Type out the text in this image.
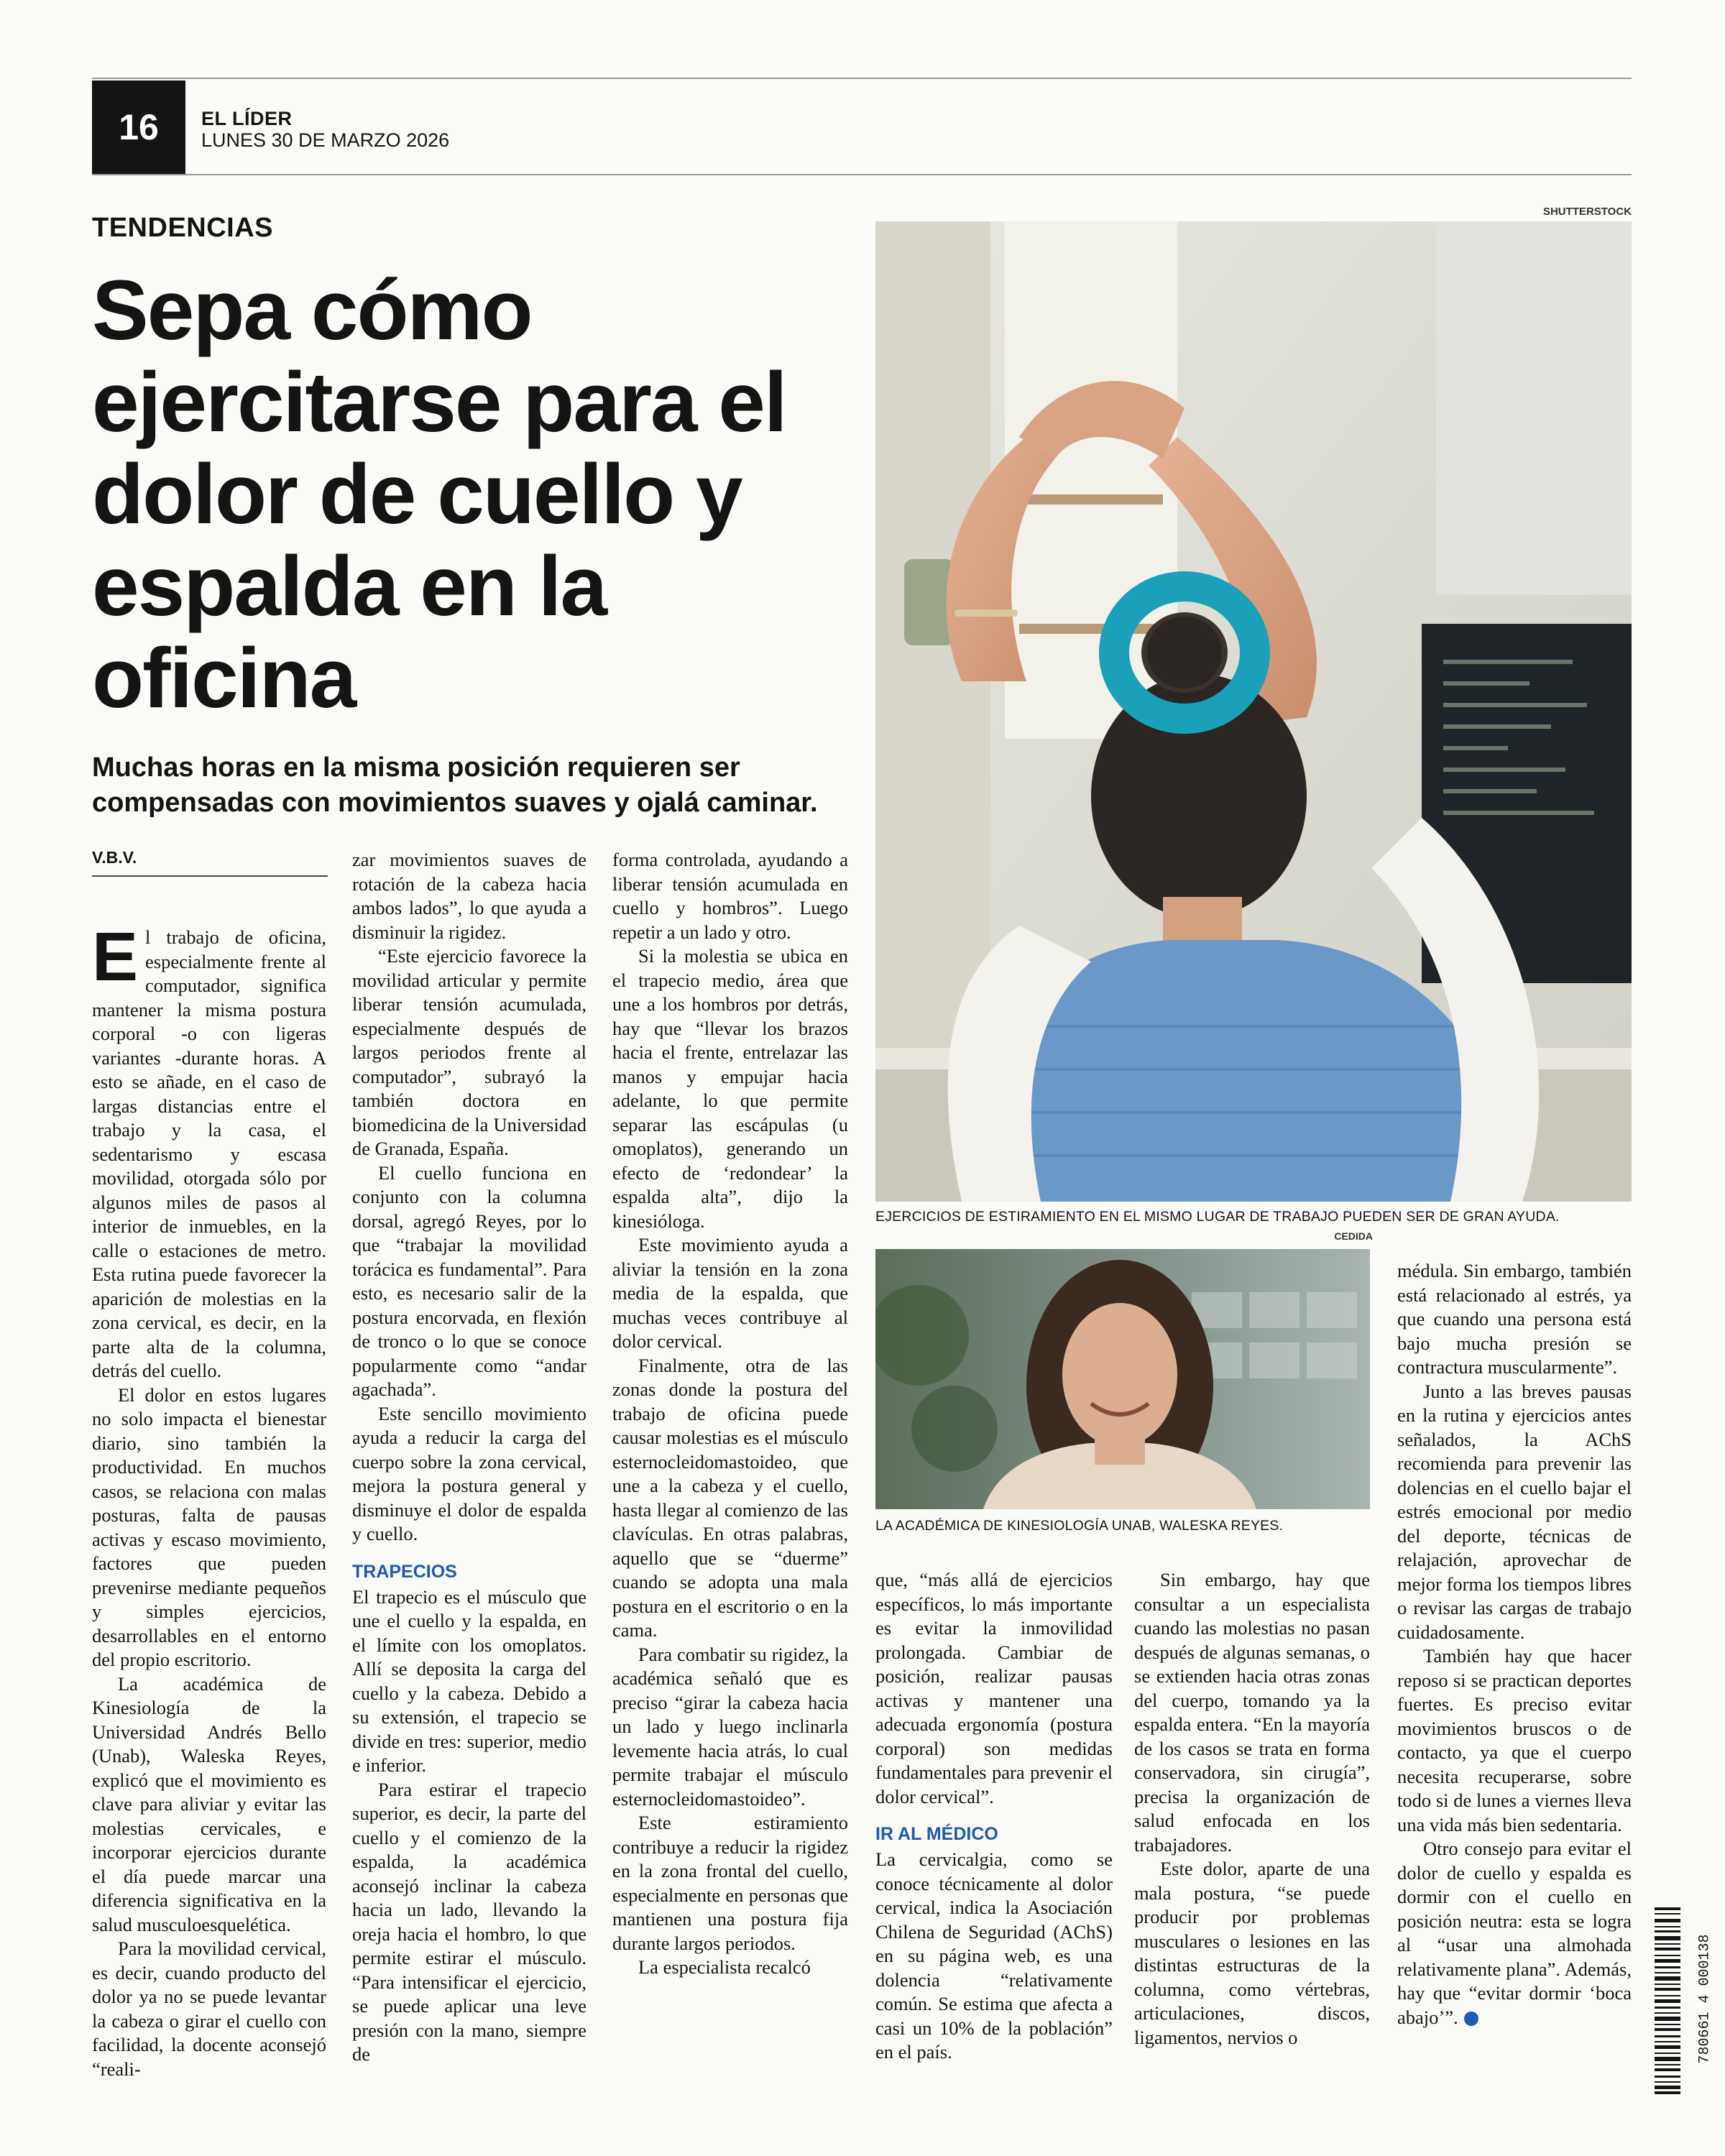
16	EL LÍDER
LUNES 30 DE MARZO 2026
TENDENCIAS
Sepa cómo ejercitarse para el dolor de cuello y espalda en la oficina
Muchas horas en la misma posición requieren ser compensadas con movimientos suaves y ojalá caminar.
V.B.V.
SHUTTERSTOCK
EJERCICIOS DE ESTIRAMIENTO EN EL MISMO LUGAR DE TRABAJO PUEDEN SER DE GRAN AYUDA.
CEDIDA
LA ACADÉMICA DE KINESIOLOGÍA UNAB, WALESKA REYES.

El trabajo de oficina, especialmente frente al computador, significa mantener la misma postura corporal -o con ligeras variantes -durante horas. A esto se añade, en el caso de largas distancias entre el trabajo y la casa, el sedentarismo y escasa movilidad, otorgada sólo por algunos miles de pasos al interior de inmuebles, en la calle o estaciones de metro. Esta rutina puede favorecer la aparición de molestias en la zona cervical, es decir, en la parte alta de la columna, detrás del cuello.

El dolor en estos lugares no solo impacta el bienestar diario, sino también la productividad. En muchos casos, se relaciona con malas posturas, falta de pausas activas y escaso movimiento, factores que pueden prevenirse mediante pequeños y simples ejercicios, desarrollables en el entorno del propio escritorio.

La académica de Kinesiología de la Universidad Andrés Bello (Unab), Waleska Reyes, explicó que el movimiento es clave para aliviar y evitar las molestias cervicales, e incorporar ejercicios durante el día puede marcar una diferencia significativa en la salud musculoesquelética.

Para la movilidad cervical, es decir, cuando producto del dolor ya no se puede levantar la cabeza o girar el cuello con facilidad, la docente aconsejó “reali-

zar movimientos suaves de rotación de la cabeza hacia ambos lados”, lo que ayuda a disminuir la rigidez.

“Este ejercicio favorece la movilidad articular y permite liberar tensión acumulada, especialmente después de largos periodos frente al computador”, subrayó la también doctora en biomedicina de la Universidad de Granada, España.

El cuello funciona en conjunto con la columna dorsal, agregó Reyes, por lo que “trabajar la movilidad torácica es fundamental”. Para esto, es necesario salir de la postura encorvada, en flexión de tronco o lo que se conoce popularmente como “andar agachada”.

Este sencillo movimiento ayuda a reducir la carga del cuerpo sobre la zona cervical, mejora la postura general y disminuye el dolor de espalda y cuello.

TRAPECIOS

El trapecio es el músculo que une el cuello y la espalda, en el límite con los omoplatos. Allí se deposita la carga del cuello y la cabeza. Debido a su extensión, el trapecio se divide en tres: superior, medio e inferior.

Para estirar el trapecio superior, es decir, la parte del cuello y el comienzo de la espalda, la académica aconsejó inclinar la cabeza hacia un lado, llevando la oreja hacia el hombro, lo que permite estirar el músculo. “Para intensificar el ejercicio, se puede aplicar una leve presión con la mano, siempre de

forma controlada, ayudando a liberar tensión acumulada en cuello y hombros”. Luego repetir a un lado y otro.

Si la molestia se ubica en el trapecio medio, área que une a los hombros por detrás, hay que “llevar los brazos hacia el frente, entrelazar las manos y empujar hacia adelante, lo que permite separar las escápulas (u omoplatos), generando un efecto de ‘redondear’ la espalda alta”, dijo la kinesióloga.

Este movimiento ayuda a aliviar la tensión en la zona media de la espalda, que muchas veces contribuye al dolor cervical.

Finalmente, otra de las zonas donde la postura del trabajo de oficina puede causar molestias es el músculo esternocleidomastoideo, que une a la cabeza y el cuello, hasta llegar al comienzo de las clavículas. En otras palabras, aquello que se “duerme” cuando se adopta una mala postura en el escritorio o en la cama.

Para combatir su rigidez, la académica señaló que es preciso “girar la cabeza hacia un lado y luego inclinarla levemente hacia atrás, lo cual permite trabajar el músculo esternocleidomastoideo”.

Este estiramiento contribuye a reducir la rigidez en la zona frontal del cuello, especialmente en personas que mantienen una postura fija durante largos periodos.

La especialista recalcó

que, “más allá de ejercicios específicos, lo más importante es evitar la inmovilidad prolongada. Cambiar de posición, realizar pausas activas y mantener una adecuada ergonomía (postura corporal) son medidas fundamentales para prevenir el dolor cervical”.

IR AL MÉDICO

La cervicalgia, como se conoce técnicamente al dolor cervical, indica la Asociación Chilena de Seguridad (AChS) en su página web, es una dolencia “relativamente común. Se estima que afecta a casi un 10% de la población” en el país.

Sin embargo, hay que consultar a un especialista cuando las molestias no pasan después de algunas semanas, o se extienden hacia otras zonas del cuerpo, tomando ya la espalda entera. “En la mayoría de los casos se trata en forma conservadora, sin cirugía”, precisa la organización de salud enfocada en los trabajadores.

Este dolor, aparte de una mala postura, “se puede producir por problemas musculares o lesiones en las distintas estructuras de la columna, como vértebras, articulaciones, discos, ligamentos, nervios o

médula. Sin embargo, también está relacionado al estrés, ya que cuando una persona está bajo mucha presión se contractura muscularmente”.

Junto a las breves pausas en la rutina y ejercicios antes señalados, la AChS recomienda para prevenir las dolencias en el cuello bajar el estrés emocional por medio del deporte, técnicas de relajación, aprovechar de mejor forma los tiempos libres o revisar las cargas de trabajo cuidadosamente.

También hay que hacer reposo si se practican deportes fuertes. Es preciso evitar movimientos bruscos o de contacto, ya que el cuerpo necesita recuperarse, sobre todo si de lunes a viernes lleva una vida más bien sedentaria.

Otro consejo para evitar el dolor de cuello y espalda es dormir con el cuello en posición neutra: esta se logra al “usar una almohada relativamente plana”. Además, hay que “evitar dormir ‘boca abajo’”.	✪	780661 4 000138
